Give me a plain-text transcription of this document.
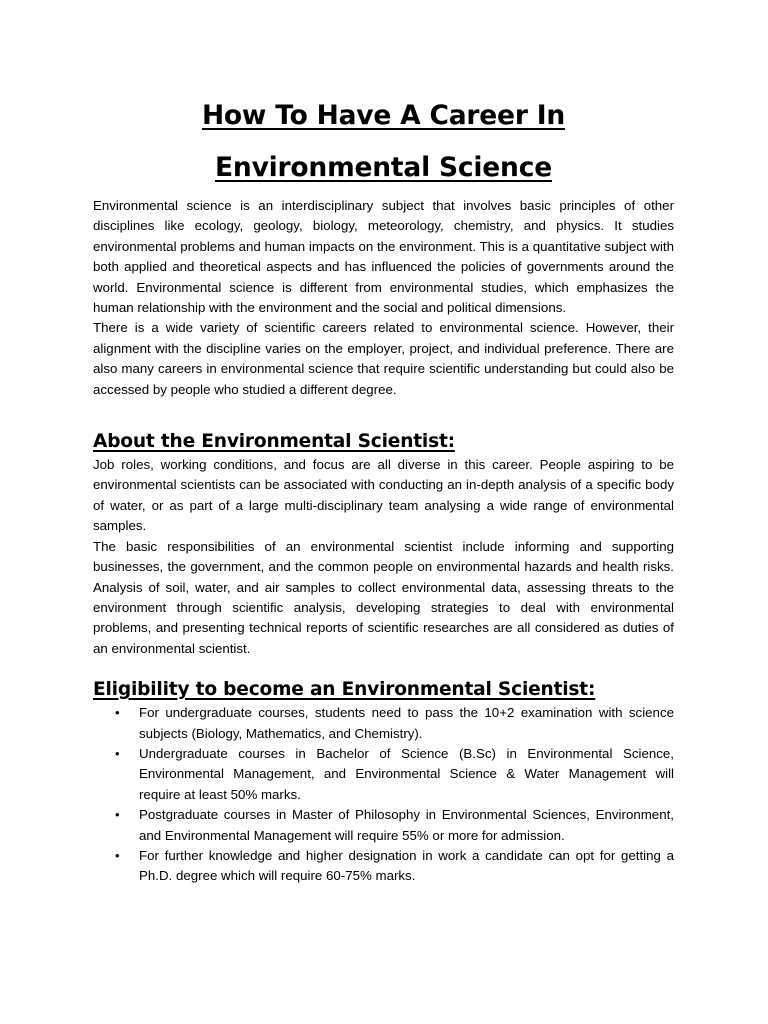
How To Have A Career In Environmental Science

Environmental science is an interdisciplinary subject that involves basic principles of other disciplines like ecology, geology, biology, meteorology, chemistry, and physics. It studies environmental problems and human impacts on the environment. This is a quantitative subject with both applied and theoretical aspects and has influenced the policies of governments around the world. Environmental science is different from environmental studies, which emphasizes the human relationship with the environment and the social and political dimensions.

There is a wide variety of scientific careers related to environmental science. However, their alignment with the discipline varies on the employer, project, and individual preference. There are also many careers in environmental science that require scientific understanding but could also be accessed by people who studied a different degree.

About the Environmental Scientist:

Job roles, working conditions, and focus are all diverse in this career. People aspiring to be environmental scientists can be associated with conducting an in-depth analysis of a specific body of water, or as part of a large multi-disciplinary team analysing a wide range of environmental samples.

The basic responsibilities of an environmental scientist include informing and supporting businesses, the government, and the common people on environmental hazards and health risks. Analysis of soil, water, and air samples to collect environmental data, assessing threats to the environment through scientific analysis, developing strategies to deal with environmental problems, and presenting technical reports of scientific researches are all considered as duties of an environmental scientist.

Eligibility to become an Environmental Scientist:
• For undergraduate courses, students need to pass the 10+2 examination with science subjects (Biology, Mathematics, and Chemistry).
• Undergraduate courses in Bachelor of Science (B.Sc) in Environmental Science, Environmental Management, and Environmental Science & Water Management will require at least 50% marks.
• Postgraduate courses in Master of Philosophy in Environmental Sciences, Environment, and Environmental Management will require 55% or more for admission.
• For further knowledge and higher designation in work a candidate can opt for getting a Ph.D. degree which will require 60-75% marks.
